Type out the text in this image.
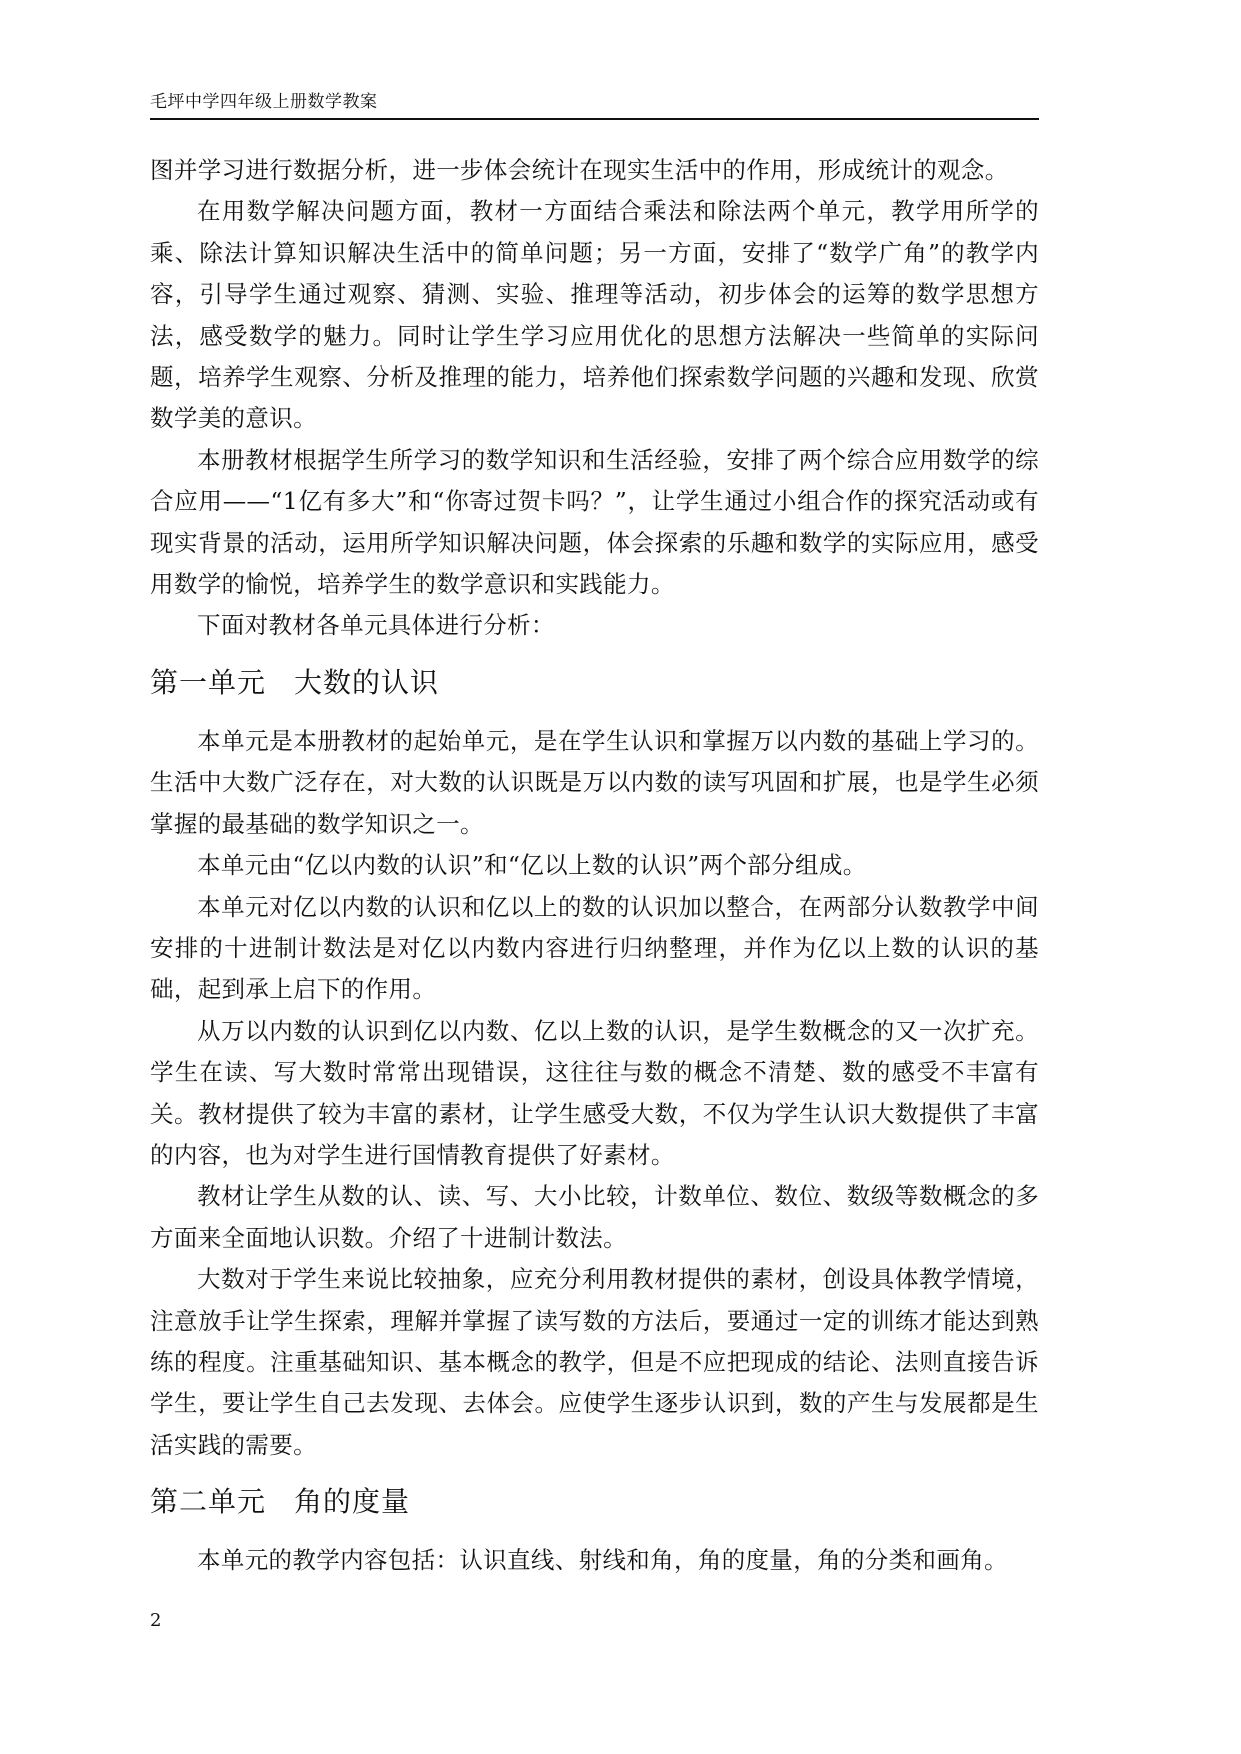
毛坪中学四年级上册数学教案

图并学习进行数据分析，进一步体会统计在现实生活中的作用，形成统计的观念。

在用数学解决问题方面，教材一方面结合乘法和除法两个单元，教学用所学的乘、除法计算知识解决生活中的简单问题；另一方面，安排了“数学广角”的教学内容，引导学生通过观察、猜测、实验、推理等活动，初步体会的运筹的数学思想方法，感受数学的魅力。同时让学生学习应用优化的思想方法解决一些简单的实际问题，培养学生观察、分析及推理的能力，培养他们探索数学问题的兴趣和发现、欣赏数学美的意识。

本册教材根据学生所学习的数学知识和生活经验，安排了两个综合应用数学的综合应用——“1亿有多大”和“你寄过贺卡吗？”，让学生通过小组合作的探究活动或有现实背景的活动，运用所学知识解决问题，体会探索的乐趣和数学的实际应用，感受用数学的愉悦，培养学生的数学意识和实践能力。

下面对教材各单元具体进行分析：

第一单元 大数的认识

本单元是本册教材的起始单元，是在学生认识和掌握万以内数的基础上学习的。生活中大数广泛存在，对大数的认识既是万以内数的读写巩固和扩展，也是学生必须掌握的最基础的数学知识之一。

本单元由“亿以内数的认识”和“亿以上数的认识”两个部分组成。

本单元对亿以内数的认识和亿以上的数的认识加以整合，在两部分认数教学中间安排的十进制计数法是对亿以内数内容进行归纳整理，并作为亿以上数的认识的基础，起到承上启下的作用。

从万以内数的认识到亿以内数、亿以上数的认识，是学生数概念的又一次扩充。学生在读、写大数时常常出现错误，这往往与数的概念不清楚、数的感受不丰富有关。教材提供了较为丰富的素材，让学生感受大数，不仅为学生认识大数提供了丰富的内容，也为对学生进行国情教育提供了好素材。

教材让学生从数的认、读、写、大小比较，计数单位、数位、数级等数概念的多方面来全面地认识数。介绍了十进制计数法。

大数对于学生来说比较抽象，应充分利用教材提供的素材，创设具体教学情境，注意放手让学生探索，理解并掌握了读写数的方法后，要通过一定的训练才能达到熟练的程度。注重基础知识、基本概念的教学，但是不应把现成的结论、法则直接告诉学生，要让学生自己去发现、去体会。应使学生逐步认识到，数的产生与发展都是生活实践的需要。

第二单元 角的度量

本单元的教学内容包括：认识直线、射线和角，角的度量，角的分类和画角。

2
